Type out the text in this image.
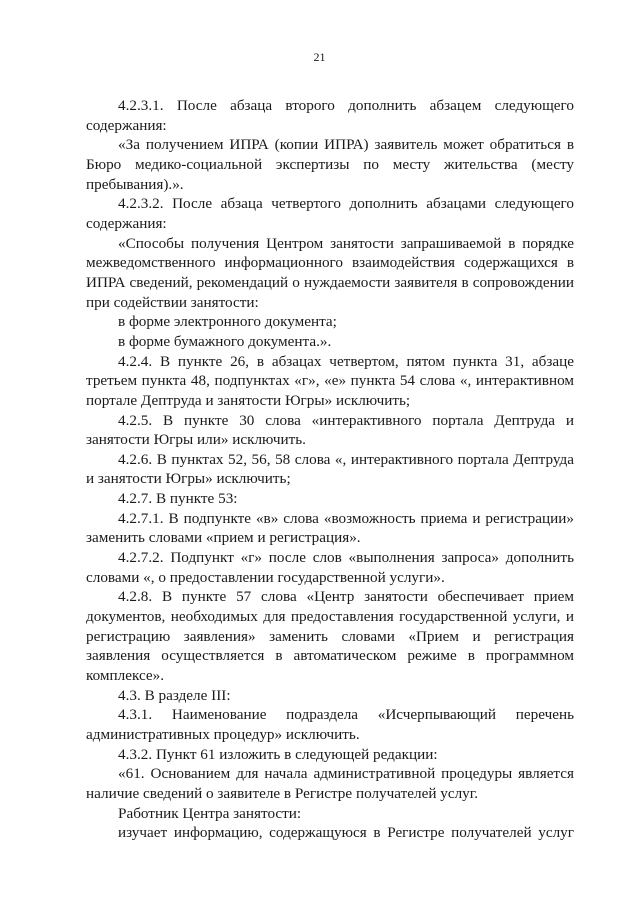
21

4.2.3.1. После абзаца второго дополнить абзацем следующего содержания:

«За получением ИПРА (копии ИПРА) заявитель может обратиться в Бюро медико-социальной экспертизы по месту жительства (месту пребывания).».

4.2.3.2. После абзаца четвертого дополнить абзацами следующего содержания:

«Способы получения Центром занятости запрашиваемой в порядке межведомственного информационного взаимодействия содержащихся в ИПРА сведений, рекомендаций о нуждаемости заявителя в сопровождении при содействии занятости:

в форме электронного документа;

в форме бумажного документа.».

4.2.4. В пункте 26, в абзацах четвертом, пятом пункта 31, абзаце третьем пункта 48, подпунктах «г», «е» пункта 54 слова «, интерактивном портале Дептруда и занятости Югры» исключить;

4.2.5. В пункте 30 слова «интерактивного портала Дептруда и занятости Югры или» исключить.

4.2.6. В пунктах 52, 56, 58 слова «, интерактивного портала Дептруда и занятости Югры» исключить;

4.2.7. В пункте 53:

4.2.7.1. В подпункте «в» слова «возможность приема и регистрации» заменить словами «прием и регистрация».

4.2.7.2. Подпункт «г» после слов «выполнения запроса» дополнить словами «, о предоставлении государственной услуги».

4.2.8. В пункте 57 слова «Центр занятости обеспечивает прием документов, необходимых для предоставления государственной услуги, и регистрацию заявления» заменить словами «Прием и регистрация заявления осуществляется в автоматическом режиме в программном комплексе».

4.3. В разделе III:

4.3.1. Наименование подраздела «Исчерпывающий перечень административных процедур» исключить.

4.3.2. Пункт 61 изложить в следующей редакции:

«61. Основанием для начала административной процедуры является наличие сведений о заявителе в Регистре получателей услуг.

Работник Центра занятости:

изучает информацию, содержащуюся в Регистре получателей услуг
